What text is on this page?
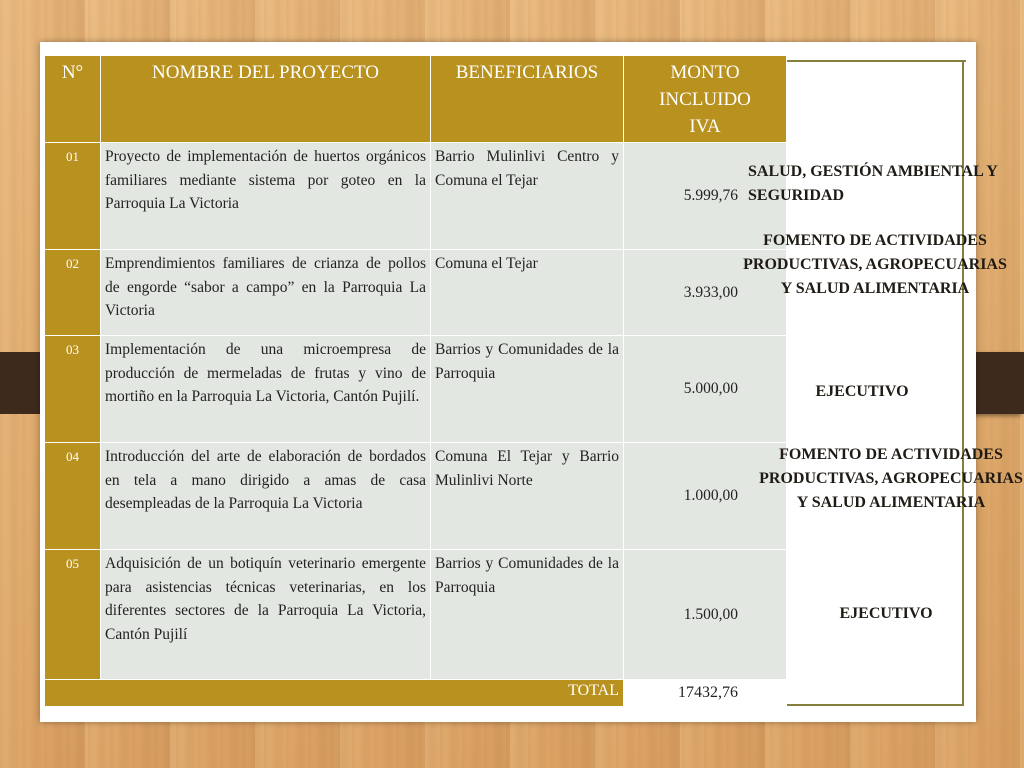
N°	NOMBRE DEL PROYECTO	BENEFICIARIOS	MONTO INCLUIDO IVA
01	Proyecto de implementación de huertos orgánicos familiares mediante sistema por goteo en la Parroquia La Victoria	Barrio Mulinlivi Centro y Comuna el Tejar	5.999,76
02	Emprendimientos familiares de crianza de pollos de engorde “sabor a campo” en la Parroquia La Victoria	Comuna el Tejar	3.933,00
03	Implementación de una microempresa de producción de mermeladas de frutas y vino de mortiño en la Parroquia La Victoria, Cantón Pujilí.	Barrios y Comunidades de la Parroquia	5.000,00
04	Introducción del arte de elaboración de bordados en tela a mano dirigido a amas de casa desempleadas de la Parroquia La Victoria	Comuna El Tejar y Barrio Mulinlivi Norte	1.000,00
05	Adquisición de un botiquín veterinario emergente para asistencias técnicas veterinarias, en los diferentes sectores de la Parroquia La Victoria, Cantón Pujilí	Barrios y Comunidades de la Parroquia	1.500,00
TOTAL			17432,76
SALUD, GESTIÓN AMBIENTAL Y SEGURIDAD
FOMENTO DE ACTIVIDADES PRODUCTIVAS, AGROPECUARIAS Y SALUD ALIMENTARIA
EJECUTIVO
FOMENTO DE ACTIVIDADES PRODUCTIVAS, AGROPECUARIAS Y SALUD ALIMENTARIA
EJECUTIVO
